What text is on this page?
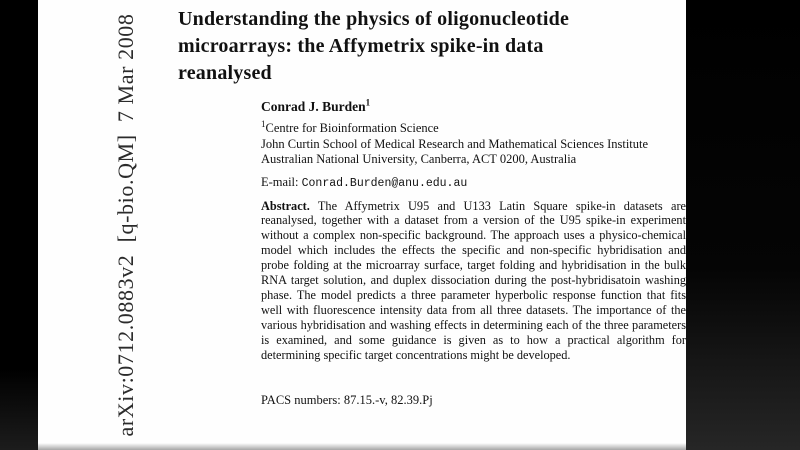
arXiv:0712.0883v2  [q-bio.QM]  7 Mar 2008 Understanding the physics of oligonucleotide
microarrays: the Affymetrix spike-in data
reanalysed
Conrad J. Burden$^1$
$^1$Centre for Bioinformation Science
John Curtin School of Medical Research and Mathematical Sciences Institute
Australian National University, Canberra, ACT 0200, Australia
E-mail: Conrad.Burden@anu.edu.au
Abstract. The Affymetrix U95 and U133 Latin Square spike-in datasets are reanalysed, together with a dataset from a version of the U95 spike-in experiment without a complex non-specific background. The approach uses a physico-chemical model which includes the effects the specific and non-specific hybridisation and probe folding at the microarray surface, target folding and hybridisation in the bulk RNA target solution, and duplex dissociation during the post-hybridisatoin washing phase. The model predicts a three parameter hyperbolic response function that fits well with fluorescence intensity data from all three datasets. The importance of the various hybridisation and washing effects in determining each of the three parameters is examined, and some guidance is given as to how a practical algorithm for determining specific target concentrations might be developed.
PACS numbers: 87.15.-v, 82.39.Pj
